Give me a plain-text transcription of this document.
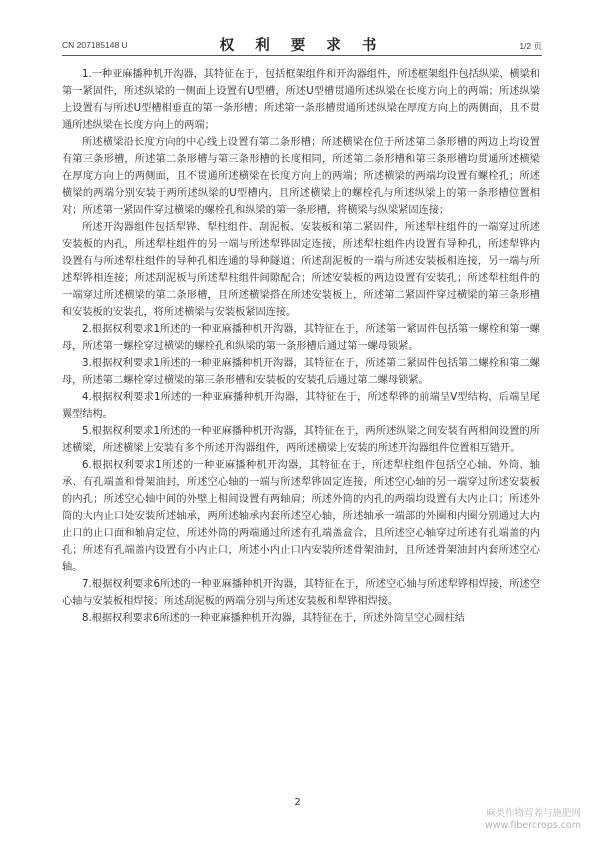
CN 207185148 U	权 利 要 求 书	1/2 页

1.一种亚麻播种机开沟器，其特征在于，包括框架组件和开沟器组件，所述框架组件包括纵梁、横梁和第一紧固件，所述纵梁的一侧面上设置有U型槽，所述U型槽贯通所述纵梁在长度方向上的两端；所述纵梁上设置有与所述U型槽相垂直的第一条形槽；所述第一条形槽贯通所述纵梁在厚度方向上的两侧面，且不贯通所述纵梁在长度方向上的两端；

所述横梁沿长度方向的中心线上设置有第二条形槽；所述横梁在位于所述第二条形槽的两边上均设置有第三条形槽，所述第二条形槽与第三条形槽的长度相同，所述第二条形槽和第三条形槽均贯通所述横梁在厚度方向上的两侧面，且不贯通所述横梁在长度方向上的两端；所述横梁的两端均设置有螺栓孔；所述横梁的两端分别安装于两所述纵梁的U型槽内，且所述横梁上的螺栓孔与所述纵梁上的第一条形槽位置相对；所述第一紧固件穿过横梁的螺栓孔和纵梁的第一条形槽，将横梁与纵梁紧固连接；

所述开沟器组件包括犁铧、犁柱组件、刮泥板、安装板和第二紧固件，所述犁柱组件的一端穿过所述安装板的内孔，所述犁柱组件的另一端与所述犁铧固定连接，所述犁柱组件内设置有导种孔，所述犁铧内设置有与所述犁柱组件的导种孔相连通的导种隧道；所述刮泥板的一端与所述安装板相连接，另一端与所述犁铧相连接；所述刮泥板与所述犁柱组件间隙配合；所述安装板的两边设置有安装孔；所述犁柱组件的一端穿过所述横梁的第二条形槽，且所述横梁搭在所述安装板上，所述第二紧固件穿过横梁的第三条形槽和安装板的安装孔，将所述横梁与安装板紧固连接。

2.根据权利要求1所述的一种亚麻播种机开沟器，其特征在于，所述第一紧固件包括第一螺栓和第一螺母，所述第一螺栓穿过横梁的螺栓孔和纵梁的第一条形槽后通过第一螺母锁紧。

3.根据权利要求1所述的一种亚麻播种机开沟器，其特征在于，所述第二紧固件包括第二螺栓和第二螺母，所述第二螺栓穿过横梁的第三条形槽和安装板的安装孔后通过第二螺母锁紧。

4.根据权利要求1所述的一种亚麻播种机开沟器，其特征在于，所述犁铧的前端呈V型结构，后端呈尾翼型结构。

5.根据权利要求1所述的一种亚麻播种机开沟器，其特征在于，两所述纵梁之间安装有两相间设置的所述横梁，所述横梁上安装有多个所述开沟器组件，两所述横梁上安装的所述开沟器组件位置相互错开。

6.根据权利要求1所述的一种亚麻播种机开沟器，其特征在于，所述犁柱组件包括空心轴、外筒、轴承、有孔端盖和骨架油封，所述空心轴的一端与所述犁铧固定连接，所述空心轴的另一端穿过所述安装板的内孔；所述空心轴中间的外壁上相间设置有两轴肩；所述外筒的内孔的两端均设置有大内止口；所述外筒的大内止口处安装所述轴承，两所述轴承内套所述空心轴，所述轴承一端部的外圈和内圈分别通过大内止口的止口面和轴肩定位，所述外筒的两端通过所述有孔端盖盒合，且所述空心轴穿过所述有孔端盖的内孔；所述有孔端盖内设置有小内止口，所述小内止口内安装所述骨架油封，且所述骨架油封内套所述空心轴。

7.根据权利要求6所述的一种亚麻播种机开沟器，其特征在于，所述空心轴与所述犁铧相焊接，所述空心轴与安装板相焊接；所述刮泥板的两端分别与所述安装板和犁铧相焊接。

8.根据权利要求6所述的一种亚麻播种机开沟器，其特征在于，所述外筒呈空心圆柱结

2
麻类作物营养与施肥网
www.fibercrops.com
